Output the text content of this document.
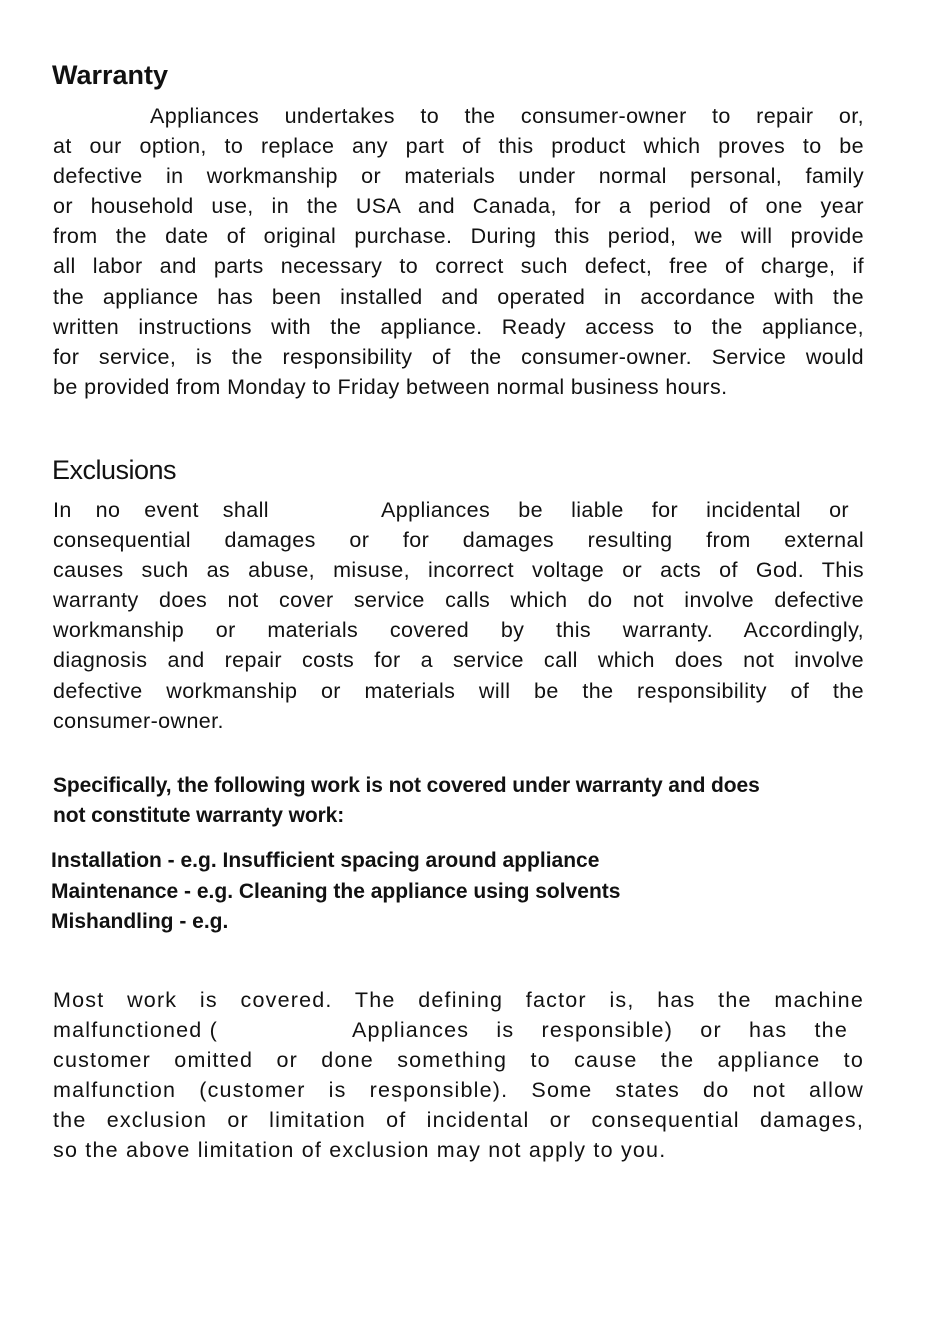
Warranty
Appliances undertakes to the consumer-owner to repair or,
at our option, to replace any part of this product which proves to be
defective in workmanship or materials under normal personal, family
or household use, in the USA and Canada, for a period of one year
from the date of original purchase. During this period, we will provide
all labor and parts necessary to correct such defect, free of charge, if
the appliance has been installed and operated in accordance with the
written instructions with the appliance. Ready access to the appliance,
for service, is the responsibility of the consumer-owner. Service would
be provided from Monday to Friday between normal business hours.
Exclusions
In no event shall	Appliances be liable for incidental or
consequential damages or for damages resulting from external
causes such as abuse, misuse, incorrect voltage or acts of God. This
warranty does not cover service calls which do not involve defective
workmanship or materials covered by this warranty. Accordingly,
diagnosis and repair costs for a service call which does not involve
defective workmanship or materials will be the responsibility of the
consumer-owner.
Specifically, the following work is not covered under warranty and does
not constitute warranty work:
Installation - e.g. Insufficient spacing around appliance
Maintenance - e.g. Cleaning the appliance using solvents
Mishandling - e.g.
Most work is covered. The defining factor is, has the machine
malfunctioned (	Appliances is responsible) or has the
customer omitted or done something to cause the appliance to
malfunction (customer is responsible). Some states do not allow
the exclusion or limitation of incidental or consequential damages,
so the above limitation of exclusion may not apply to you.
